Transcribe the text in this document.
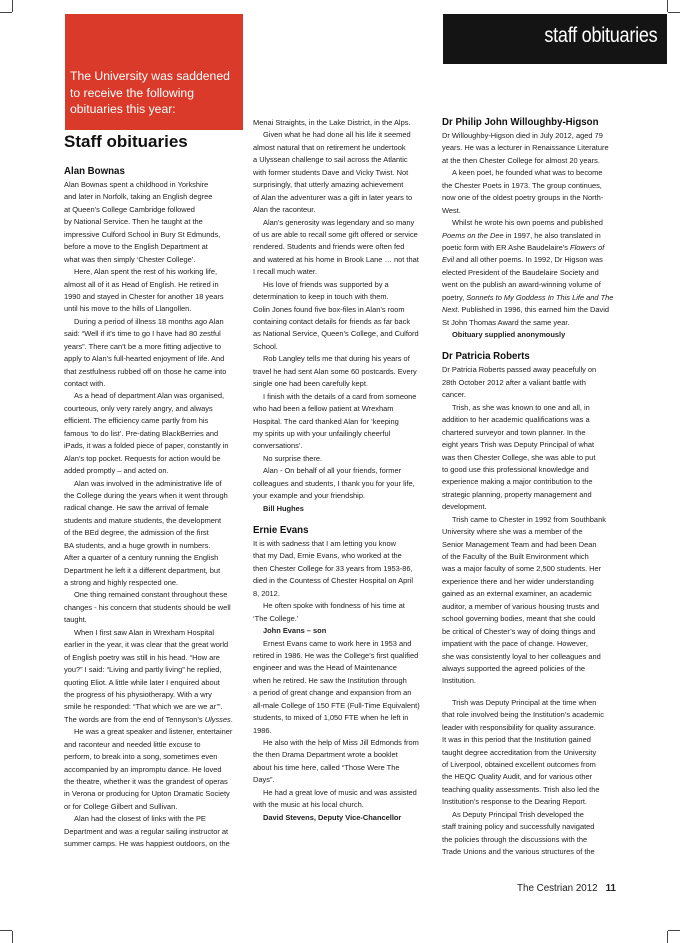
staff obituaries
The University was saddened to receive the following obituaries this year:
Staff obituaries
Alan Bownas
Alan Bownas spent a childhood in Yorkshire
and later in Norfolk, taking an English degree
at Queen’s College Cambridge followed
by National Service. Then he taught at the
impressive Culford School in Bury St Edmunds,
before a move to the English Department at
what was then simply ‘Chester College’.
Here, Alan spent the rest of his working life,
almost all of it as Head of English. He retired in
1990 and stayed in Chester for another 18 years
until his move to the hills of Llangollen.
During a period of illness 18 months ago Alan
said: “Well if it’s time to go I have had 80 zestful
years”. There can’t be a more fitting adjective to
apply to Alan’s full-hearted enjoyment of life. And
that zestfulness rubbed off on those he came into
contact with.
As a head of department Alan was organised,
courteous, only very rarely angry, and always
efficient. The efficiency came partly from his
famous ‘to do list’. Pre-dating BlackBerries and
iPads, it was a folded piece of paper, constantly in
Alan’s top pocket. Requests for action would be
added promptly – and acted on.
Alan was involved in the administrative life of
the College during the years when it went through
radical change. He saw the arrival of female
students and mature students, the development
of the BEd degree, the admission of the first
BA students, and a huge growth in numbers.
After a quarter of a century running the English
Department he left it a different department, but
a strong and highly respected one.
One thing remained constant throughout these
changes - his concern that students should be well
taught.
When I first saw Alan in Wrexham Hospital
earlier in the year, it was clear that the great world
of English poetry was still in his head. “How are
you?” I said: “Living and partly living” he replied,
quoting Eliot. A little while later I enquired about
the progress of his physiotherapy. With a wry
smile he responded: “That which we are we ar’”.
The words are from the end of Tennyson’s Ulysses.
He was a great speaker and listener, entertainer
and raconteur and needed little excuse to
perform, to break into a song, sometimes even
accompanied by an impromptu dance. He loved
the theatre, whether it was the grandest of operas
in Verona or producing for Upton Dramatic Society
or for College Gilbert and Sullivan.
Alan had the closest of links with the PE
Department and was a regular sailing instructor at
summer camps. He was happiest outdoors, on the
Menai Straights, in the Lake District, in the Alps.
Given what he had done all his life it seemed
almost natural that on retirement he undertook
a Ulyssean challenge to sail across the Atlantic
with former students Dave and Vicky Twist. Not
surprisingly, that utterly amazing achievement
of Alan the adventurer was a gift in later years to
Alan the raconteur.
Alan’s generosity was legendary and so many
of us are able to recall some gift offered or service
rendered. Students and friends were often fed
and watered at his home in Brook Lane … not that
I recall much water.
His love of friends was supported by a
determination to keep in touch with them.
Colin Jones found five box-files in Alan’s room
containing contact details for friends as far back
as National Service, Queen’s College, and Culford
School.
Rob Langley tells me that during his years of
travel he had sent Alan some 60 postcards. Every
single one had been carefully kept.
I finish with the details of a card from someone
who had been a fellow patient at Wrexham
Hospital. The card thanked Alan for ‘keeping
my spirits up with your unfailingly cheerful
conversations’.
No surprise there.
Alan - On behalf of all your friends, former
colleagues and students, I thank you for your life,
your example and your friendship.
Bill Hughes
Ernie Evans
It is with sadness that I am letting you know
that my Dad, Ernie Evans, who worked at the
then Chester College for 33 years from 1953-86,
died in the Countess of Chester Hospital on April
8, 2012.
He often spoke with fondness of his time at
‘The College.’
John Evans – son
Ernest Evans came to work here in 1953 and
retired in 1986. He was the College’s first qualified
engineer and was the Head of Maintenance
when he retired. He saw the Institution through
a period of great change and expansion from an
all-male College of 150 FTE (Full-Time Equivalent)
students, to mixed of 1,050 FTE when he left in
1986.
He also with the help of Miss Jill Edmonds from
the then Drama Department wrote a booklet
about his time here, called “Those Were The
Days”.
He had a great love of music and was assisted
with the music at his local church.
David Stevens, Deputy Vice-Chancellor
Dr Philip John Willoughby-Higson
Dr Willoughby-Higson died in July 2012, aged 79
years. He was a lecturer in Renaissance Literature
at the then Chester College for almost 20 years.
A keen poet, he founded what was to become
the Chester Poets in 1973. The group continues,
now one of the oldest poetry groups in the North-
West.
Whilst he wrote his own poems and published
Poems on the Dee in 1997, he also translated in
poetic form with ER Ashe Baudelaire’s Flowers of
Evil and all other poems. In 1992, Dr Higson was
elected President of the Baudelaire Society and
went on the publish an award-winning volume of
poetry, Sonnets to My Goddess In This Life and The
Next. Published in 1996, this earned him the David
St John Thomas Award the same year.
Obituary supplied anonymously
Dr Patricia Roberts
Dr Patricia Roberts passed away peacefully on
28th October 2012 after a valiant battle with
cancer.
Trish, as she was known to one and all, in
addition to her academic qualifications was a
chartered surveyor and town planner. In the
eight years Trish was Deputy Principal of what
was then Chester College, she was able to put
to good use this professional knowledge and
experience making a major contribution to the
strategic planning, property management and
development.
Trish came to Chester in 1992 from Southbank
University where she was a member of the
Senior Management Team and had been Dean
of the Faculty of the Built Environment which
was a major faculty of some 2,500 students. Her
experience there and her wider understanding
gained as an external examiner, an academic
auditor, a member of various housing trusts and
school governing bodies, meant that she could
be critical of Chester’s way of doing things and
impatient with the pace of change. However,
she was consistently loyal to her colleagues and
always supported the agreed policies of the
Institution.
Trish was Deputy Principal at the time when
that role involved being the Institution’s academic
leader with responsibility for quality assurance.
It was in this period that the Institution gained
taught degree accreditation from the University
of Liverpool, obtained excellent outcomes from
the HEQC Quality Audit, and for various other
teaching quality assessments. Trish also led the
Institution’s response to the Dearing Report.
As Deputy Principal Trish developed the
staff training policy and successfully navigated
the policies through the discussions with the
Trade Unions and the various structures of the
The Cestrian 2012 11
